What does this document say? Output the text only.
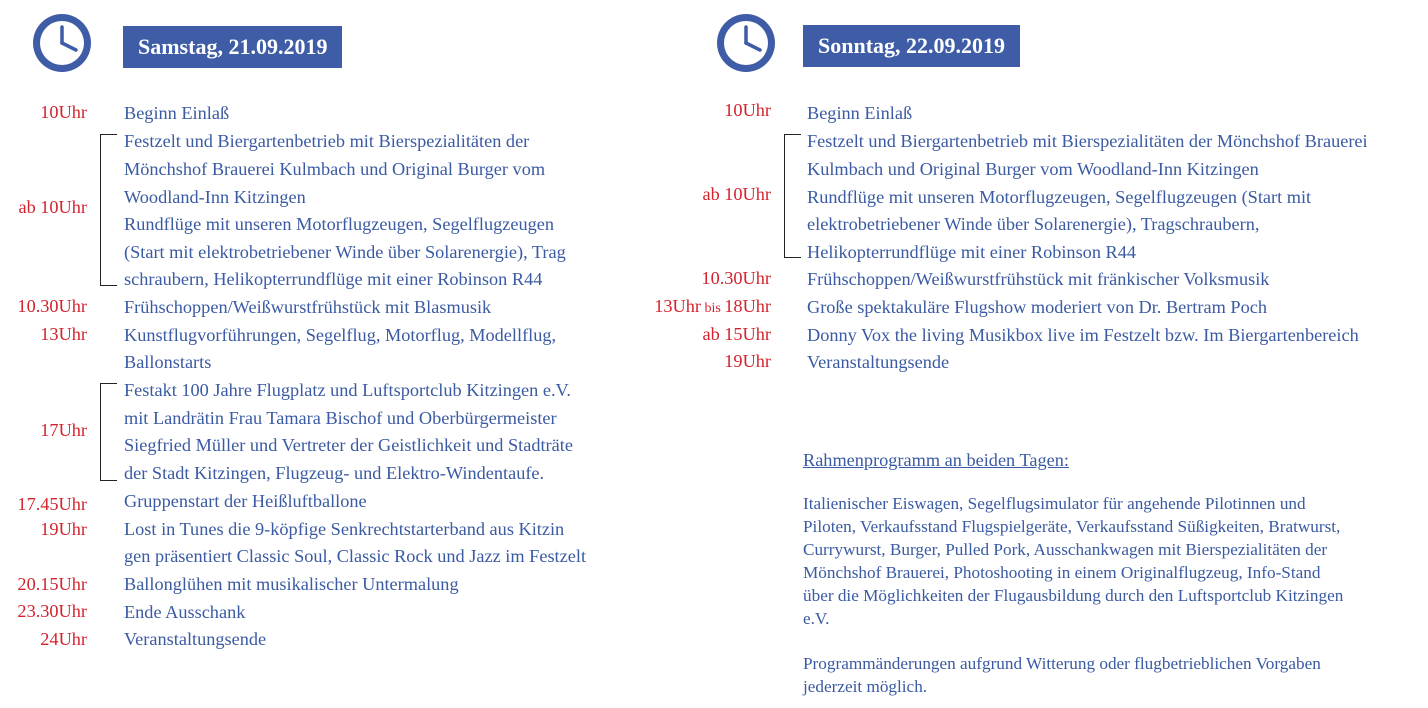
Samstag, 21.09.2019	Sonntag, 22.09.2019
10Uhr Beginn Einlaß
ab 10Uhr
Festzelt und Biergartenbetrieb mit Bierspezialitäten der
Mönchshof Brauerei Kulmbach und Original Burger vom
Woodland-Inn Kitzingen
Rundflüge mit unseren Motorflugzeugen, Segelflugzeugen
(Start mit elektrobetriebener Winde über Solarenergie), Trag
schraubern, Helikopterrundflüge mit einer Robinson R44
10.30Uhr Frühschoppen/Weißwurstfrühstück mit Blasmusik
13Uhr Kunstflugvorführungen, Segelflug, Motorflug, Modellflug,
Ballonstarts
17Uhr
Festakt 100 Jahre Flugplatz und Luftsportclub Kitzingen e.V.
mit Landrätin Frau Tamara Bischof und Oberbürgermeister
Siegfried Müller und Vertreter der Geistlichkeit und Stadträte
der Stadt Kitzingen, Flugzeug- und Elektro-Windentaufe.
17.45Uhr Gruppenstart der Heißluftballone
19Uhr Lost in Tunes die 9-köpfige Senkrechtstarterband aus Kitzin
gen präsentiert Classic Soul, Classic Rock und Jazz im Festzelt
20.15Uhr Ballonglühen mit musikalischer Untermalung
23.30Uhr Ende Ausschank
24Uhr Veranstaltungsende
10Uhr Beginn Einlaß
ab 10Uhr
Festzelt und Biergartenbetrieb mit Bierspezialitäten der Mönchshof Brauerei
Kulmbach und Original Burger vom Woodland-Inn Kitzingen
Rundflüge mit unseren Motorflugzeugen, Segelflugzeugen (Start mit
elektrobetriebener Winde über Solarenergie), Tragschraubern,
Helikopterrundflüge mit einer Robinson R44
10.30Uhr Frühschoppen/Weißwurstfrühstück mit fränkischer Volksmusik
13Uhr bis 18Uhr Große spektakuläre Flugshow moderiert von Dr. Bertram Poch
ab 15Uhr Donny Vox the living Musikbox live im Festzelt bzw. Im Biergartenbereich
19Uhr Veranstaltungsende
Rahmenprogramm an beiden Tagen:
Italienischer Eiswagen, Segelflugsimulator für angehende Pilotinnen und
Piloten, Verkaufsstand Flugspielgeräte, Verkaufsstand Süßigkeiten, Bratwurst,
Currywurst, Burger, Pulled Pork, Ausschankwagen mit Bierspezialitäten der
Mönchshof Brauerei, Photoshooting in einem Originalflugzeug, Info-Stand
über die Möglichkeiten der Flugausbildung durch den Luftsportclub Kitzingen
e.V.
Programmänderungen aufgrund Witterung oder flugbetrieblichen Vorgaben
jederzeit möglich.
